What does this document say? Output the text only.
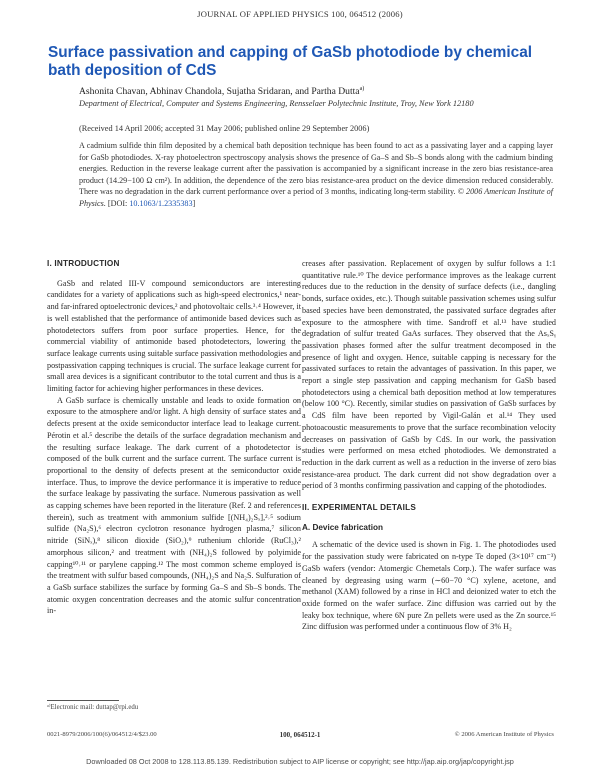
JOURNAL OF APPLIED PHYSICS 100, 064512 (2006)
Surface passivation and capping of GaSb photodiode by chemical bath deposition of CdS
Ashonita Chavan, Abhinav Chandola, Sujatha Sridaran, and Partha Dutta$^{a)}$
Department of Electrical, Computer and Systems Engineering, Rensselaer Polytechnic Institute, Troy, New York 12180
(Received 14 April 2006; accepted 31 May 2006; published online 29 September 2006)
A cadmium sulfide thin film deposited by a chemical bath deposition technique has been found to act as a passivating layer and a capping layer for GaSb photodiodes. X-ray photoelectron spectroscopy analysis shows the presence of Ga–S and Sb–S bonds along with the cadmium binding energies. Reduction in the reverse leakage current after the passivation is accompanied by a significant increase in the zero bias resistance-area product (14.29−100 Ω cm²). In addition, the dependence of the zero bias resistance-area product on the device dimension reduced considerably. There was no degradation in the dark current performance over a period of 3 months, indicating long-term stability. © 2006 American Institute of Physics. [DOI: 10.1063/1.2335383]
I. INTRODUCTION

GaSb and related III-V compound semiconductors are interesting candidates for a variety of applications such as high-speed electronics,¹ near- and far-infrared optoelectronic devices,² and photovoltaic cells.³˒⁴ However, it is well established that the performance of antimonide based devices such as photodetectors suffers from poor surface properties. Hence, for the commercial viability of antimonide based photodetectors, lowering the surface leakage currents using suitable surface passivation methodologies and postpassivation capping techniques is crucial. The surface leakage current for small area devices is a significant contributor to the total current and thus is a limiting factor for achieving higher performances in these devices.

A GaSb surface is chemically unstable and leads to oxide formation on exposure to the atmosphere and/or light. A high density of surface states and defects present at the oxide semiconductor interface lead to leakage current. Pérotin et al.⁵ describe the details of the surface degradation mechanism and the resulting surface leakage. The dark current of a photodetector is composed of the bulk current and the surface current. The surface current is proportional to the density of defects present at the semiconductor oxide interface. Thus, to improve the device performance it is imperative to reduce the surface leakage by passivating the surface. Numerous passivation as well as capping schemes have been reported in the literature (Ref. 2 and references therein), such as treatment with ammonium sulfide [(NH₄)₂Sₓ],²˒⁵ sodium sulfide (Na₂S),⁶ electron cyclotron resonance hydrogen plasma,⁷ silicon nitride (SiNₓ),⁸ silicon dioxide (SiO₂),⁹ ruthenium chloride (RuCl₃),² amorphous silicon,² and treatment with (NH₄)₂S followed by polyimide capping¹⁰˒¹¹ or parylene capping.¹² The most common scheme employed is the treatment with sulfur based compounds, (NH₄)₂S and Na₂S. Sulfuration of a GaSb surface stabilizes the surface by forming Ga–S and Sb–S bonds. The atomic oxygen concentration decreases and the atomic sulfur concentration in-

creases after passivation. Replacement of oxygen by sulfur follows a 1:1 quantitative rule.¹⁰ The device performance improves as the leakage current reduces due to the reduction in the density of surface defects (i.e., dangling bonds, surface oxides, etc.). Though suitable passivation schemes using sulfur based species have been demonstrated, the passivated surface degrades after exposure to the atmosphere with time. Sandroff et al.¹³ have studied degradation of sulfur treated GaAs surfaces. They observed that the AsₓSᵧ passivation phases formed after the sulfur treatment decomposed in the presence of light and oxygen. Hence, suitable capping is necessary for the passivated surfaces to retain the advantages of passivation. In this paper, we report a single step passivation and capping mechanism for GaSb based photodetectors using a chemical bath deposition method at low temperatures (below 100 °C). Recently, similar studies on passivation of GaSb surfaces by a CdS film have been reported by Vigil-Galán et al.¹⁴ They used photoacoustic measurements to prove that the surface recombination velocity decreases on passivation of GaSb by CdS. In our work, the passivation studies were performed on mesa etched photodiodes. We demonstrated a reduction in the dark current as well as a reduction in the inverse of zero bias resistance-area product. The dark current did not show degradation over a period of 3 months confirming passivation and capping of the photodiodes.

II. EXPERIMENTAL DETAILS
A. Device fabrication

A schematic of the device used is shown in Fig. 1. The photodiodes used for the passivation study were fabricated on n-type Te doped (3×10¹⁷ cm⁻³) GaSb wafers (vendor: Atomergic Chemetals Corp.). The wafer surface was cleaned by degreasing using warm (∼60−70 °C) xylene, acetone, and methanol (XAM) followed by a rinse in HCl and deionized water to etch the oxide formed on the wafer surface. Zinc diffusion was carried out by the leaky box technique, where 6N pure Zn pellets were used as the Zn source.¹⁵ Zinc diffusion was performed under a continuous flow of 3% H₂

ᵃ⁾Electronic mail: duttap@rpi.edu
0021-8979/2006/100(6)/064512/4/$23.00	100, 064512-1	© 2006 American Institute of Physics
Downloaded 08 Oct 2008 to 128.113.85.139. Redistribution subject to AIP license or copyright; see http://jap.aip.org/jap/copyright.jsp
